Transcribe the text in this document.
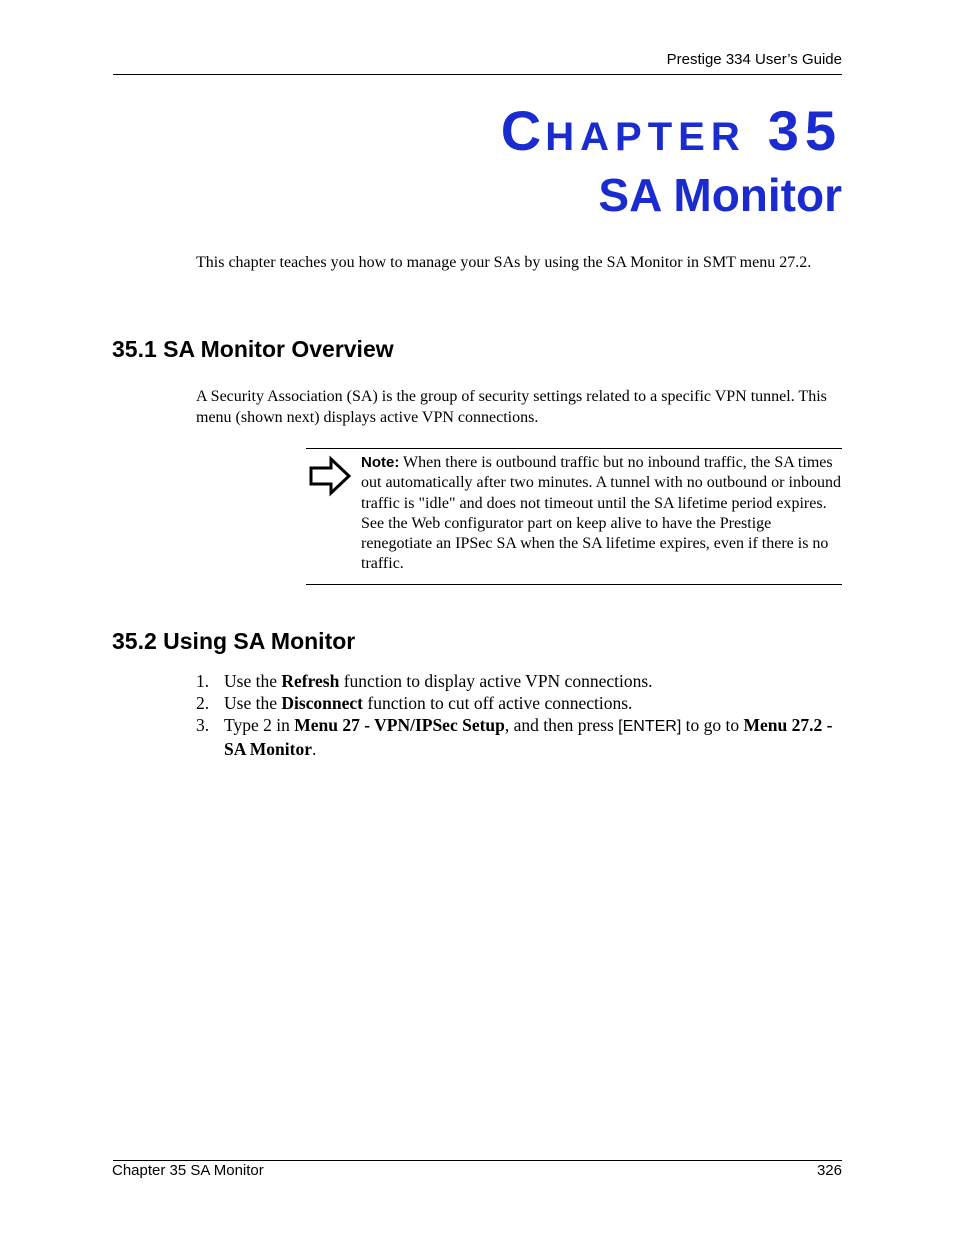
Prestige 334 User’s Guide
CHAPTER 35
SA Monitor
This chapter teaches you how to manage your SAs by using the SA Monitor in SMT menu 27.2.
35.1 SA Monitor Overview
A Security Association (SA) is the group of security settings related to a specific VPN tunnel. This menu (shown next) displays active VPN connections.
Note: When there is outbound traffic but no inbound traffic, the SA times out automatically after two minutes. A tunnel with no outbound or inbound traffic is "idle" and does not timeout until the SA lifetime period expires. See the Web configurator part on keep alive to have the Prestige renegotiate an IPSec SA when the SA lifetime expires, even if there is no traffic.
35.2 Using SA Monitor
1. Use the Refresh function to display active VPN connections.
2. Use the Disconnect function to cut off active connections.
3. Type 2 in Menu 27 - VPN/IPSec Setup, and then press [ENTER] to go to Menu 27.2 - SA Monitor.
Chapter 35 SA Monitor	326
